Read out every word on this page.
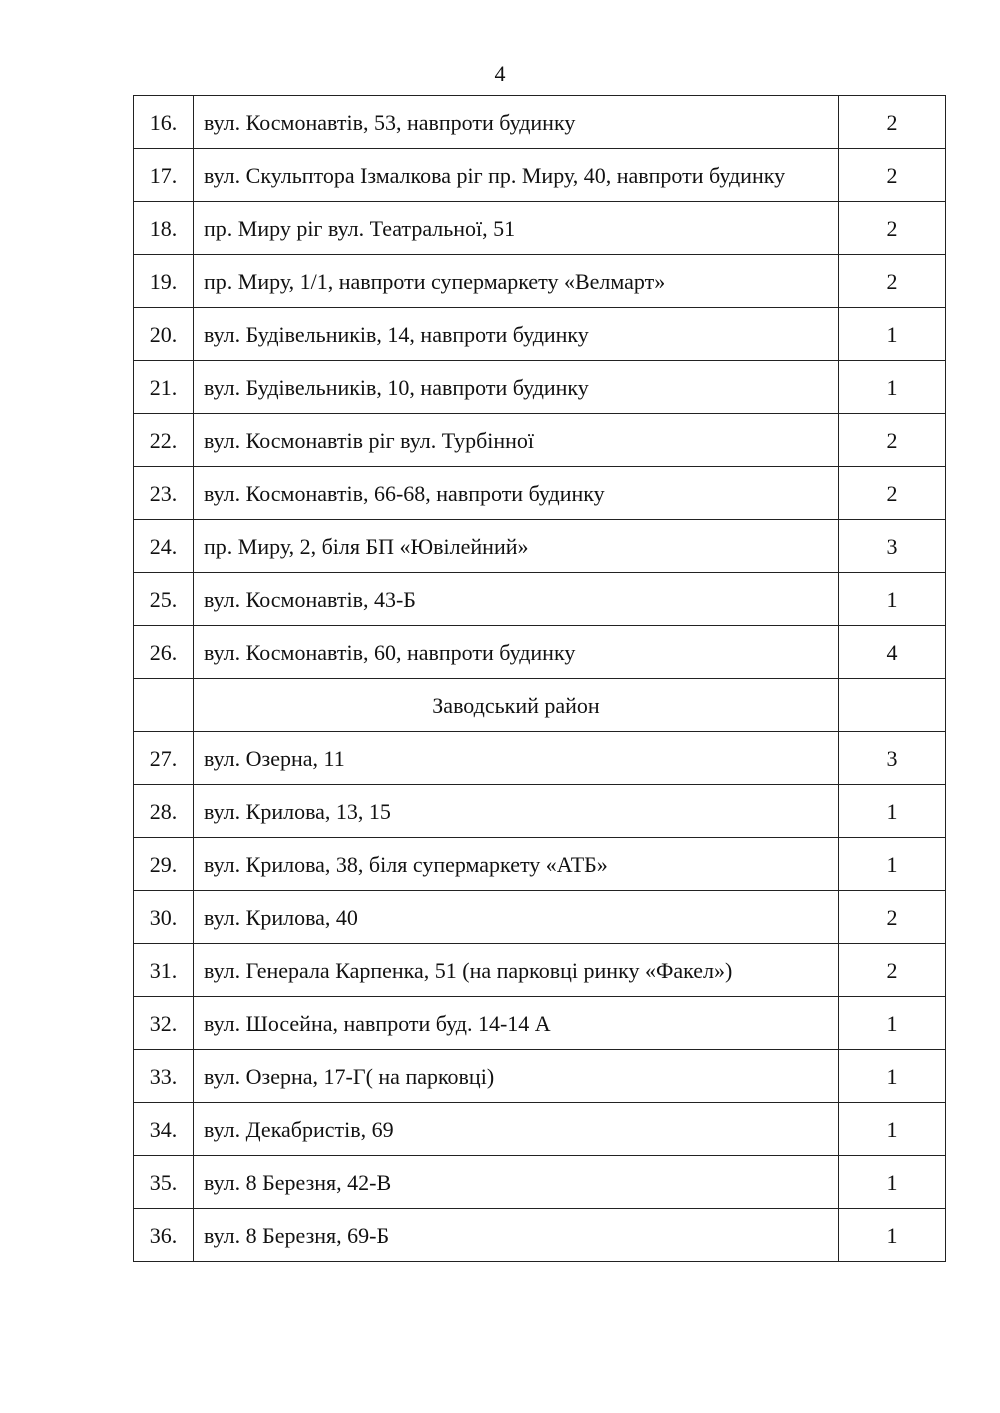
4
16.	вул. Космонавтів, 53, навпроти будинку	2
17.	вул. Скульптора Ізмалкова ріг пр. Миру, 40, навпроти будинку	2
18.	пр. Миру ріг вул. Театральної, 51	2
19.	пр. Миру, 1/1, навпроти супермаркету «Велмарт»	2
20.	вул. Будівельників, 14, навпроти будинку	1
21.	вул. Будівельників, 10, навпроти будинку	1
22.	вул. Космонавтів ріг вул. Турбінної	2
23.	вул. Космонавтів, 66-68, навпроти будинку	2
24.	пр. Миру, 2, біля БП «Ювілейний»	3
25.	вул. Космонавтів, 43-Б	1
26.	вул. Космонавтів, 60, навпроти будинку	4
	Заводський район	
27.	вул. Озерна, 11	3
28.	вул. Крилова, 13, 15	1
29.	вул. Крилова, 38, біля супермаркету «АТБ»	1
30.	вул. Крилова, 40	2
31.	вул. Генерала Карпенка, 51 (на парковці ринку «Факел»)	2
32.	вул. Шосейна, навпроти буд. 14-14 А	1
33.	вул. Озерна, 17-Г( на парковці)	1
34.	вул. Декабристів, 69	1
35.	вул. 8 Березня, 42-В	1
36.	вул. 8 Березня, 69-Б	1
